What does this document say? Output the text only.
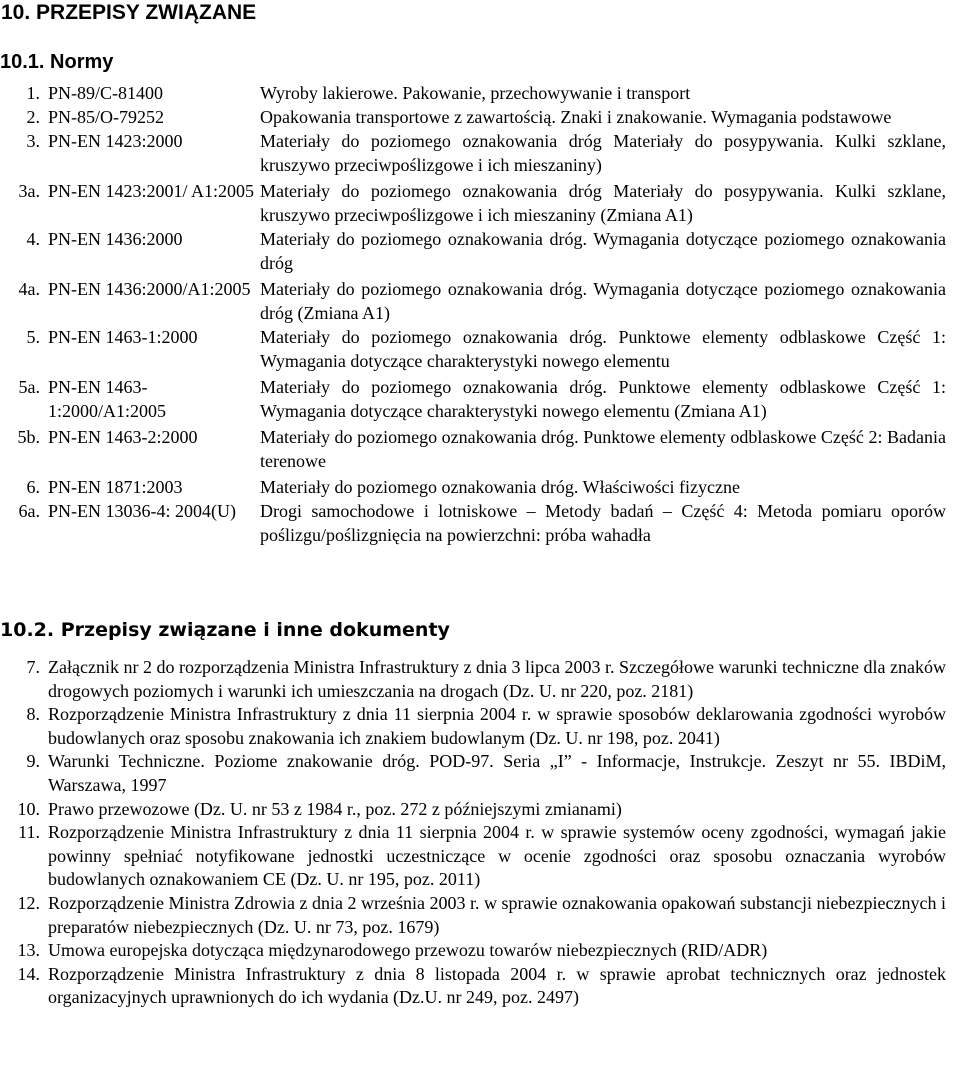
10. PRZEPISY ZWIĄZANE
10.1. Normy
1.	PN-89/C-81400	Wyroby lakierowe. Pakowanie, przechowywanie i transport
2.	PN-85/O-79252	Opakowania transportowe z zawartością. Znaki i znakowanie. Wymagania podstawowe
3.	PN-EN 1423:2000	Materiały do poziomego oznakowania dróg Materiały do posypywania. Kulki szklane, kruszywo przeciwpoślizgowe i ich mieszaniny)
3a.	PN-EN 1423:2001/ A1:2005	Materiały do poziomego oznakowania dróg Materiały do posypywania. Kulki szklane, kruszywo przeciwpoślizgowe i ich mieszaniny (Zmiana A1)
4.	PN-EN 1436:2000	Materiały do poziomego oznakowania dróg. Wymagania dotyczące poziomego oznakowania dróg
4a.	PN-EN 1436:2000/A1:2005	Materiały do poziomego oznakowania dróg. Wymagania dotyczące poziomego oznakowania dróg (Zmiana A1)
5.	PN-EN 1463-1:2000	Materiały do poziomego oznakowania dróg. Punktowe elementy odblaskowe Część 1: Wymagania dotyczące charakterystyki nowego elementu
5a.	PN-EN 1463-1:2000/A1:2005	Materiały do poziomego oznakowania dróg. Punktowe elementy odblaskowe Część 1: Wymagania dotyczące charakterystyki nowego elementu (Zmiana A1)
5b.	PN-EN 1463-2:2000	Materiały do poziomego oznakowania dróg. Punktowe elementy odblaskowe Część 2: Badania terenowe
6.	PN-EN 1871:2003	Materiały do poziomego oznakowania dróg. Właściwości fizyczne
6a.	PN-EN 13036-4: 2004(U)	Drogi samochodowe i lotniskowe – Metody badań – Część 4: Metoda pomiaru oporów poślizgu/poślizgnięcia na powierzchni: próba wahadła
10.2. Przepisy związane i inne dokumenty
7. Załącznik nr 2 do rozporządzenia Ministra Infrastruktury z dnia 3 lipca 2003 r. Szczegółowe warunki techniczne dla znaków drogowych poziomych i warunki ich umieszczania na drogach (Dz. U. nr 220, poz. 2181)
8. Rozporządzenie Ministra Infrastruktury z dnia 11 sierpnia 2004 r. w sprawie sposobów deklarowania zgodności wyrobów budowlanych oraz sposobu znakowania ich znakiem budowlanym (Dz. U. nr 198, poz. 2041)
9. Warunki Techniczne. Poziome znakowanie dróg. POD-97. Seria „I” - Informacje, Instrukcje. Zeszyt nr 55. IBDiM, Warszawa, 1997
10. Prawo przewozowe (Dz. U. nr 53 z 1984 r., poz. 272 z późniejszymi zmianami)
11. Rozporządzenie Ministra Infrastruktury z dnia 11 sierpnia 2004 r. w sprawie systemów oceny zgodności, wymagań jakie powinny spełniać notyfikowane jednostki uczestniczące w ocenie zgodności oraz sposobu oznaczania wyrobów budowlanych oznakowaniem CE (Dz. U. nr 195, poz. 2011)
12. Rozporządzenie Ministra Zdrowia z dnia 2 września 2003 r. w sprawie oznakowania opakowań substancji niebezpiecznych i preparatów niebezpiecznych (Dz. U. nr 73, poz. 1679)
13. Umowa europejska dotycząca międzynarodowego przewozu towarów niebezpiecznych (RID/ADR)
14. Rozporządzenie Ministra Infrastruktury z dnia 8 listopada 2004 r. w sprawie aprobat technicznych oraz jednostek organizacyjnych uprawnionych do ich wydania (Dz.U. nr 249, poz. 2497)
